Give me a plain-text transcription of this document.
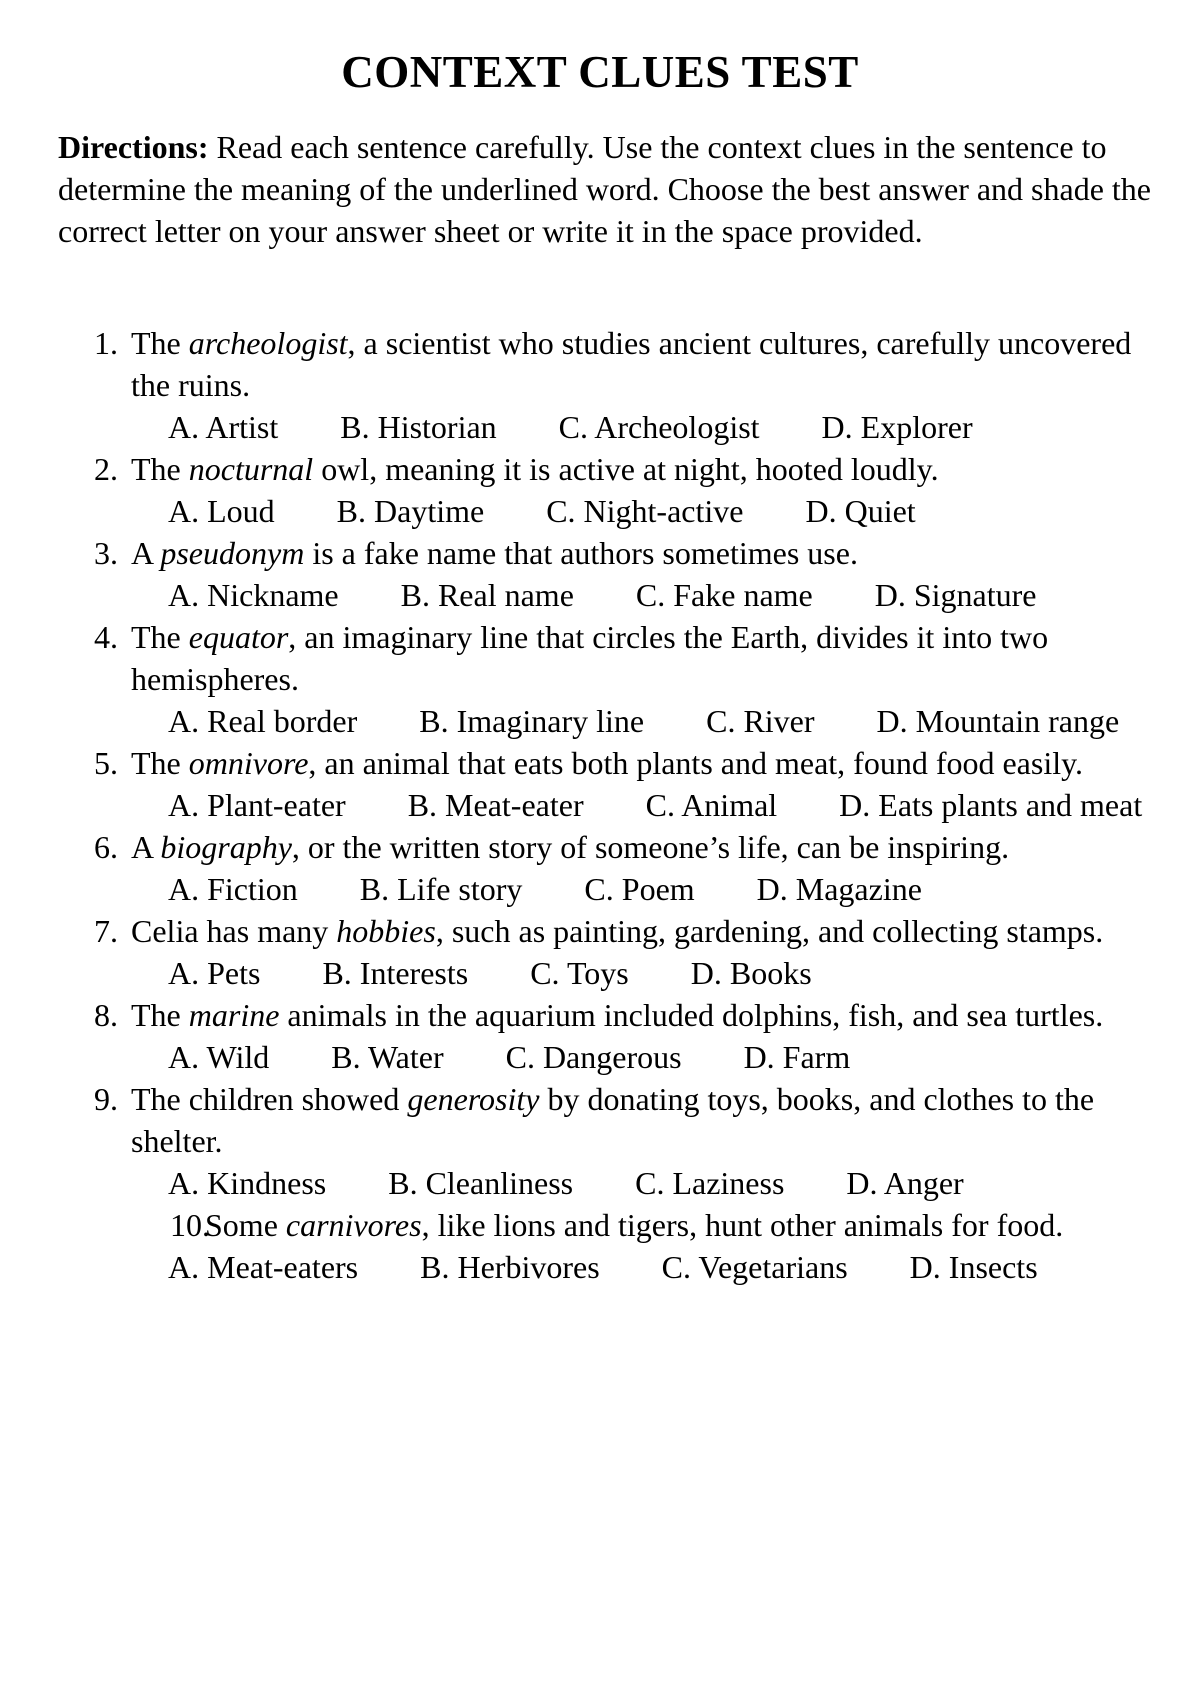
CONTEXT CLUES TEST
Directions: Read each sentence carefully. Use the context clues in the sentence to determine the meaning of the underlined word. Choose the best answer and shade the correct letter on your answer sheet or write it in the space provided.
1. The archeologist, a scientist who studies ancient cultures, carefully uncovered the ruins.
A. Artist B. Historian C. Archeologist D. Explorer
2. The nocturnal owl, meaning it is active at night, hooted loudly.
A. Loud B. Daytime C. Night-active D. Quiet
3. A pseudonym is a fake name that authors sometimes use.
A. Nickname B. Real name C. Fake name D. Signature
4. The equator, an imaginary line that circles the Earth, divides it into two hemispheres.
A. Real border B. Imaginary line C. River D. Mountain range
5. The omnivore, an animal that eats both plants and meat, found food easily.
A. Plant-eater B. Meat-eater C. Animal D. Eats plants and meat
6. A biography, or the written story of someone’s life, can be inspiring.
A. Fiction B. Life story C. Poem D. Magazine
7. Celia has many hobbies, such as painting, gardening, and collecting stamps.
A. Pets B. Interests C. Toys D. Books
8. The marine animals in the aquarium included dolphins, fish, and sea turtles.
A. Wild B. Water C. Dangerous D. Farm
9. The children showed generosity by donating toys, books, and clothes to the shelter.
A. Kindness B. Cleanliness C. Laziness D. Anger
10.
Some carnivores, like lions and tigers, hunt other animals for food.
A. Meat-eaters B. Herbivores C. Vegetarians D. Insects
